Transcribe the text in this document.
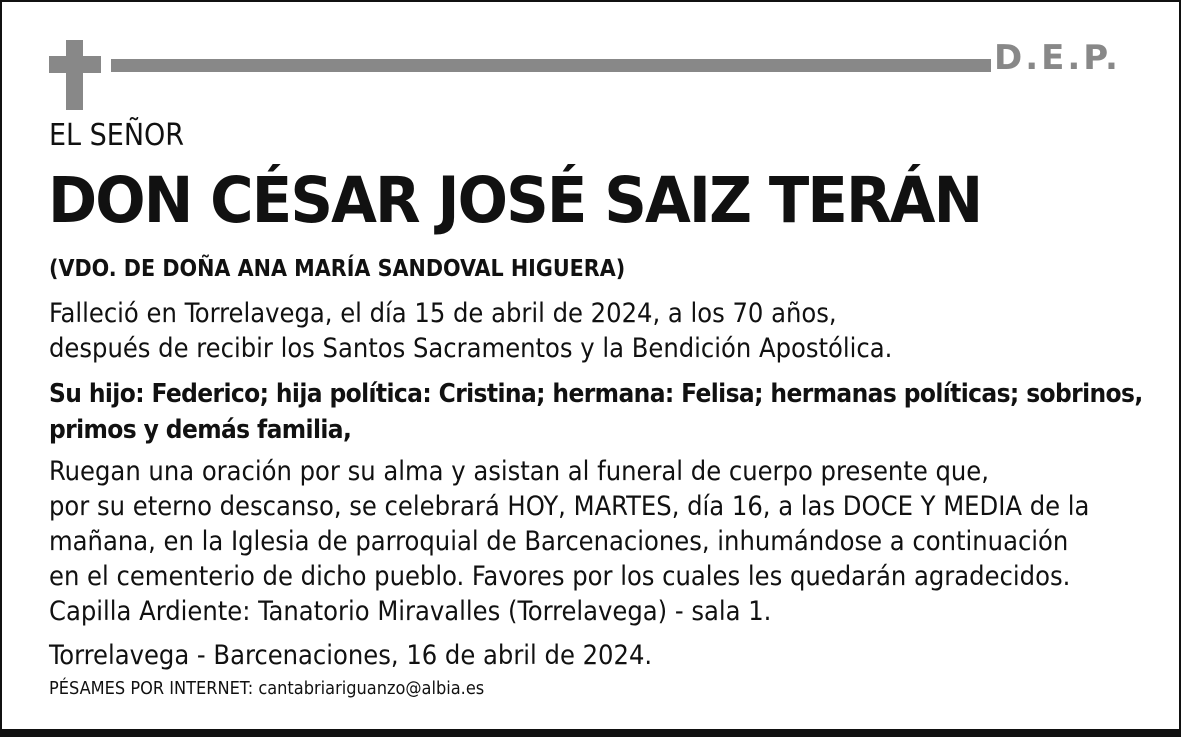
D.E.P.
EL SEÑOR
DON CÉSAR JOSÉ SAIZ TERÁN
(VDO. DE DOÑA ANA MARÍA SANDOVAL HIGUERA)
Falleció en Torrelavega, el día 15 de abril de 2024, a los 70 años,
después de recibir los Santos Sacramentos y la Bendición Apostólica.
Su hijo: Federico; hija política: Cristina; hermana: Felisa; hermanas políticas; sobrinos,
primos y demás familia,
Ruegan una oración por su alma y asistan al funeral de cuerpo presente que,
por su eterno descanso, se celebrará HOY, MARTES, día 16, a las DOCE Y MEDIA de la
mañana, en la Iglesia de parroquial de Barcenaciones, inhumándose a continuación
en el cementerio de dicho pueblo. Favores por los cuales les quedarán agradecidos.
Capilla Ardiente: Tanatorio Miravalles (Torrelavega) - sala 1.
Torrelavega - Barcenaciones, 16 de abril de 2024.
PÉSAMES POR INTERNET: cantabriariguanzo@albia.es
